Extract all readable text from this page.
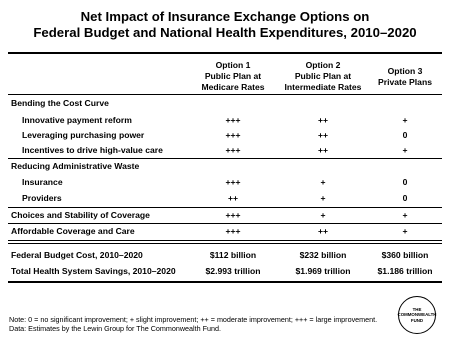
Net Impact of Insurance Exchange Options on
Federal Budget and National Health Expenditures, 2010–2020
Option 1
Public Plan at
Medicare Rates
Option 2
Public Plan at
Intermediate Rates
Option 3
Private Plans
Bending the Cost Curve
Innovative payment reform	+++	++	+
Leveraging purchasing power	+++	++	0
Incentives to drive high-value care	+++	++	+
Reducing Administrative Waste
Insurance	+++	+	0
Providers	++	+	0
Choices and Stability of Coverage	+++	+	+
Affordable Coverage and Care	+++	++	+
Federal Budget Cost, 2010–2020	$112 billion	$232 billion	$360 billion
Total Health System Savings, 2010–2020	$2.993 trillion	$1.969 trillion	$1.186 trillion
Note: 0 = no significant improvement; + slight improvement; ++ = moderate improvement; +++ = large improvement.
Data: Estimates by the Lewin Group for The Commonwealth Fund.
THE
COMMONWEALTH
FUND
